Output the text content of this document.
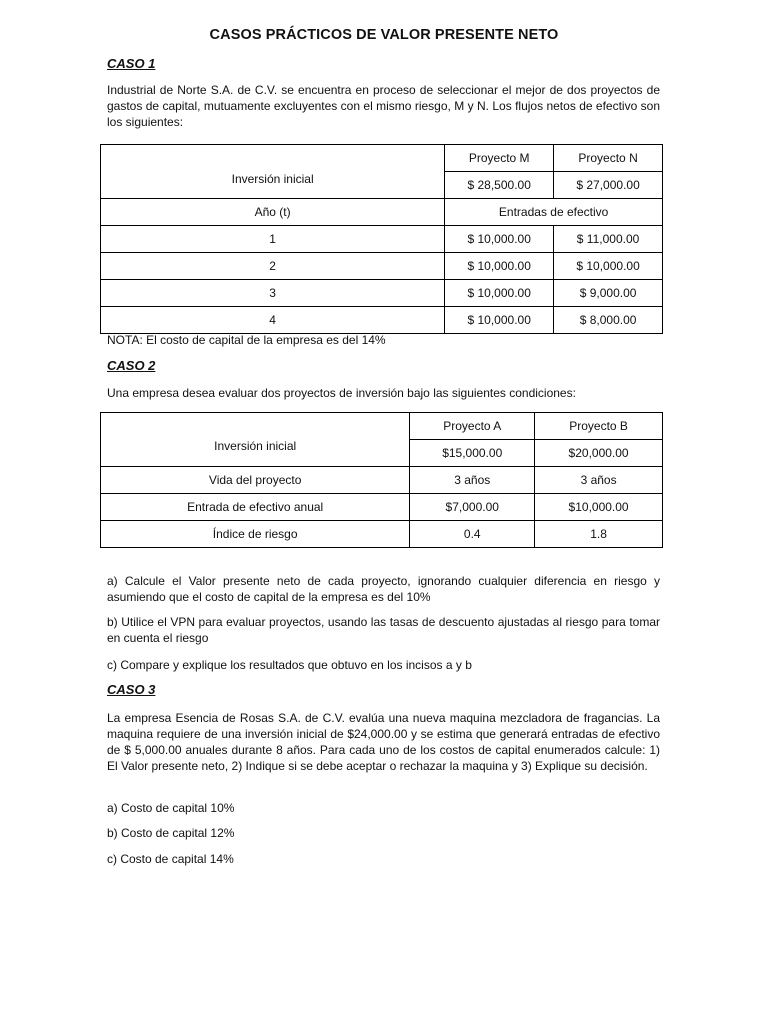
CASOS PRÁCTICOS DE VALOR PRESENTE NETO

CASO 1

Industrial de Norte S.A. de C.V. se encuentra en proceso de seleccionar el mejor de dos proyectos de gastos de capital, mutuamente excluyentes con el mismo riesgo, M y N. Los flujos netos de efectivo son los siguientes:

Inversión inicial	Proyecto M	Proyecto N
	$ 28,500.00	$ 27,000.00
Año (t)	Entradas de efectivo	
1	$ 10,000.00	$ 11,000.00
2	$ 10,000.00	$ 10,000.00
3	$ 10,000.00	$ 9,000.00
4	$ 10,000.00	$ 8,000.00

NOTA: El costo de capital de la empresa es del 14%

CASO 2

Una empresa desea evaluar dos proyectos de inversión bajo las siguientes condiciones:

Inversión inicial	Proyecto A	Proyecto B
	$15,000.00	$20,000.00
Vida del proyecto	3 años	3 años
Entrada de efectivo anual	$7,000.00	$10,000.00
Índice de riesgo	0.4	1.8

a) Calcule el Valor presente neto de cada proyecto, ignorando cualquier diferencia en riesgo y asumiendo que el costo de capital de la empresa es del 10%

b) Utilice el VPN para evaluar proyectos, usando las tasas de descuento ajustadas al riesgo para tomar en cuenta el riesgo

c) Compare y explique los resultados que obtuvo en los incisos a y b

CASO 3

La empresa Esencia de Rosas S.A. de C.V. evalúa una nueva maquina mezcladora de fragancias. La maquina requiere de una inversión inicial de $24,000.00 y se estima que generará entradas de efectivo de $ 5,000.00 anuales durante 8 años. Para cada uno de los costos de capital enumerados calcule: 1) El Valor presente neto, 2) Indique si se debe aceptar o rechazar la maquina y 3) Explique su decisión.

a) Costo de capital 10%

b) Costo de capital 12%

c) Costo de capital 14%
